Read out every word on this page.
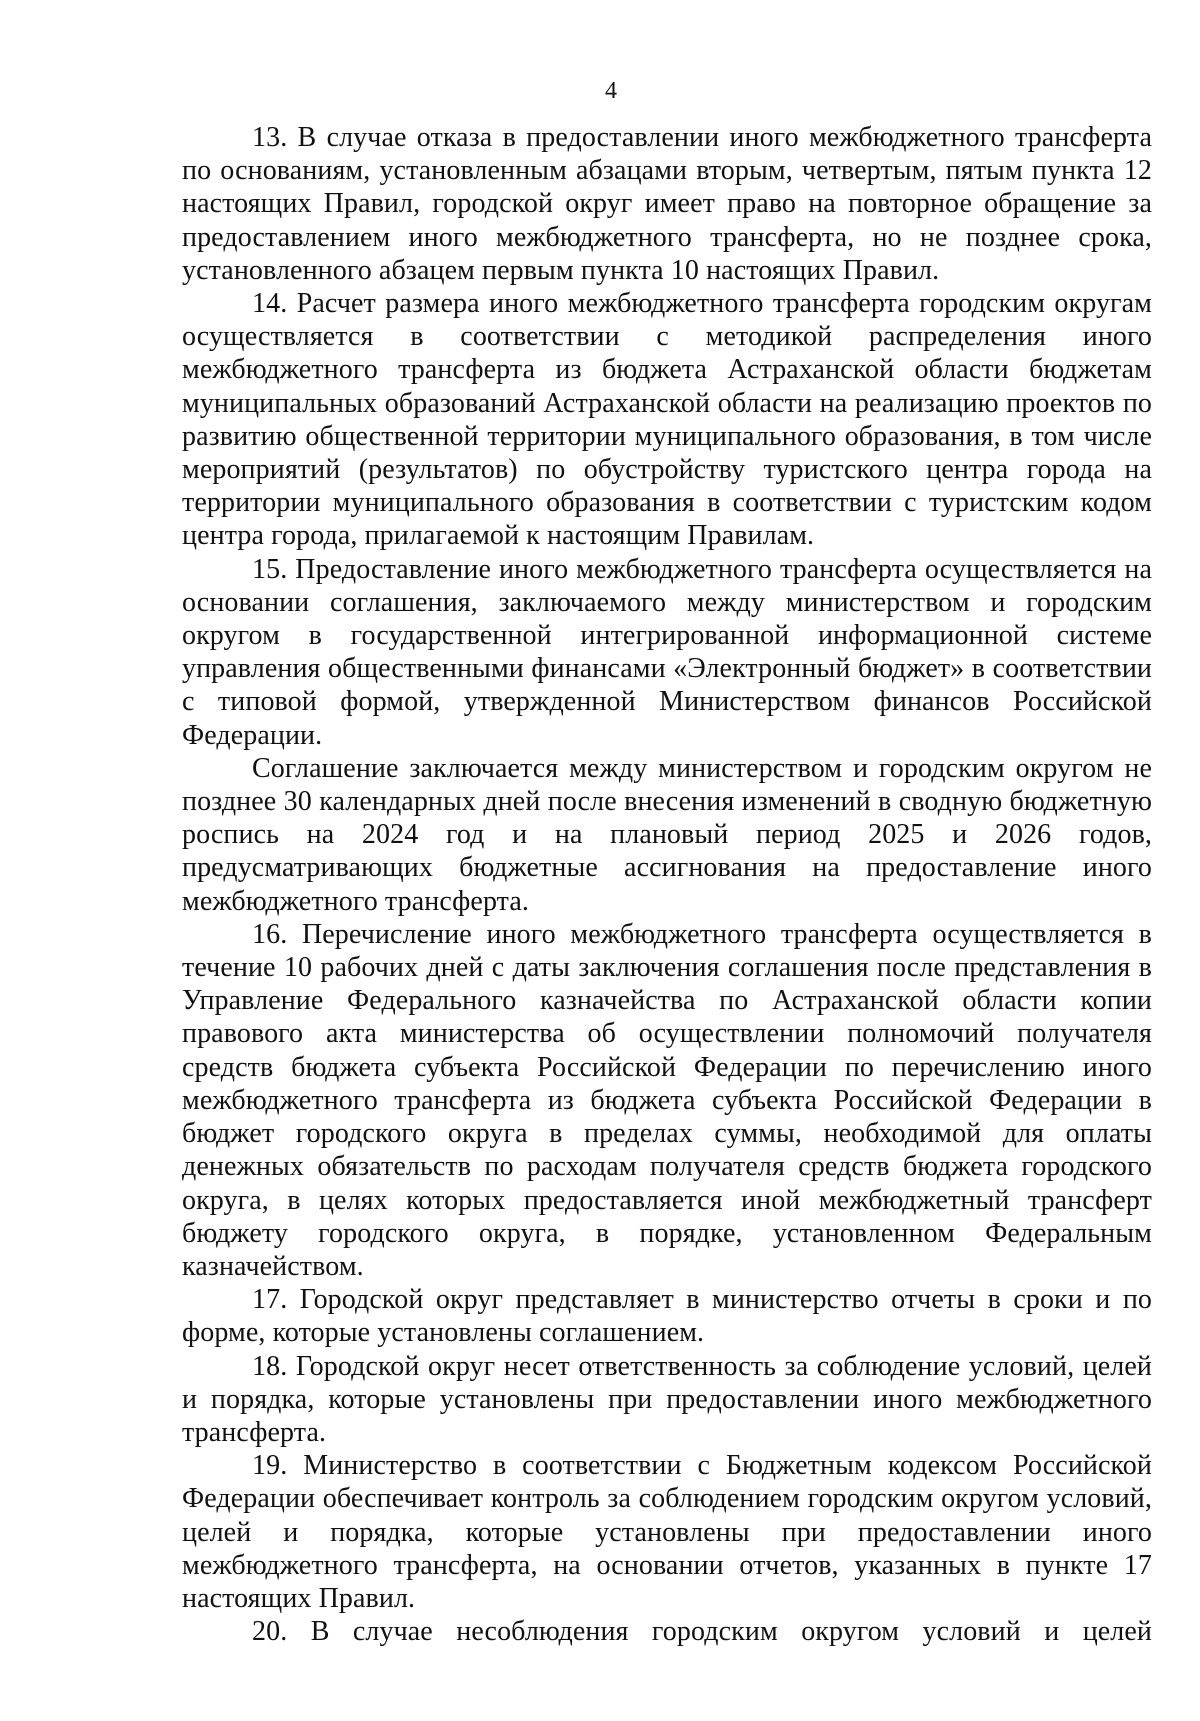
4

13. В случае отказа в предоставлении иного межбюджетного трансферта по основаниям, установленным абзацами вторым, четвертым, пятым пункта 12 настоящих Правил, городской округ имеет право на повторное обращение за предоставлением иного межбюджетного трансферта, но не позднее срока, установленного абзацем первым пункта 10 настоящих Правил.

14. Расчет размера иного межбюджетного трансферта городским округам осуществляется в соответствии с методикой распределения иного межбюджетного трансферта из бюджета Астраханской области бюджетам муниципальных образований Астраханской области на реализацию проектов по развитию общественной территории муниципального образования, в том числе мероприятий (результатов) по обустройству туристского центра города на территории муниципального образования в соответствии с туристским кодом центра города, прилагаемой к настоящим Правилам.

15. Предоставление иного межбюджетного трансферта осуществляется на основании соглашения, заключаемого между министерством и городским округом в государственной интегрированной информационной системе управления общественными финансами «Электронный бюджет» в соответствии с типовой формой, утвержденной Министерством финансов Российской Федерации.

Соглашение заключается между министерством и городским округом не позднее 30 календарных дней после внесения изменений в сводную бюджетную роспись на 2024 год и на плановый период 2025 и 2026 годов, предусматривающих бюджетные ассигнования на предоставление иного межбюджетного трансферта.

16. Перечисление иного межбюджетного трансферта осуществляется в течение 10 рабочих дней с даты заключения соглашения после представления в Управление Федерального казначейства по Астраханской области копии правового акта министерства об осуществлении полномочий получателя средств бюджета субъекта Российской Федерации по перечислению иного межбюджетного трансферта из бюджета субъекта Российской Федерации в бюджет городского округа в пределах суммы, необходимой для оплаты денежных обязательств по расходам получателя средств бюджета городского округа, в целях которых предоставляется иной межбюджетный трансферт бюджету городского округа, в порядке, установленном Федеральным казначейством.

17. Городской округ представляет в министерство отчеты в сроки и по форме, которые установлены соглашением.

18. Городской округ несет ответственность за соблюдение условий, целей и порядка, которые установлены при предоставлении иного межбюджетного трансферта.

19. Министерство в соответствии с Бюджетным кодексом Российской Федерации обеспечивает контроль за соблюдением городским округом условий, целей и порядка, которые установлены при предоставлении иного межбюджетного трансферта, на основании отчетов, указанных в пункте 17 настоящих Правил.

20. В случае несоблюдения городским округом условий и целей
